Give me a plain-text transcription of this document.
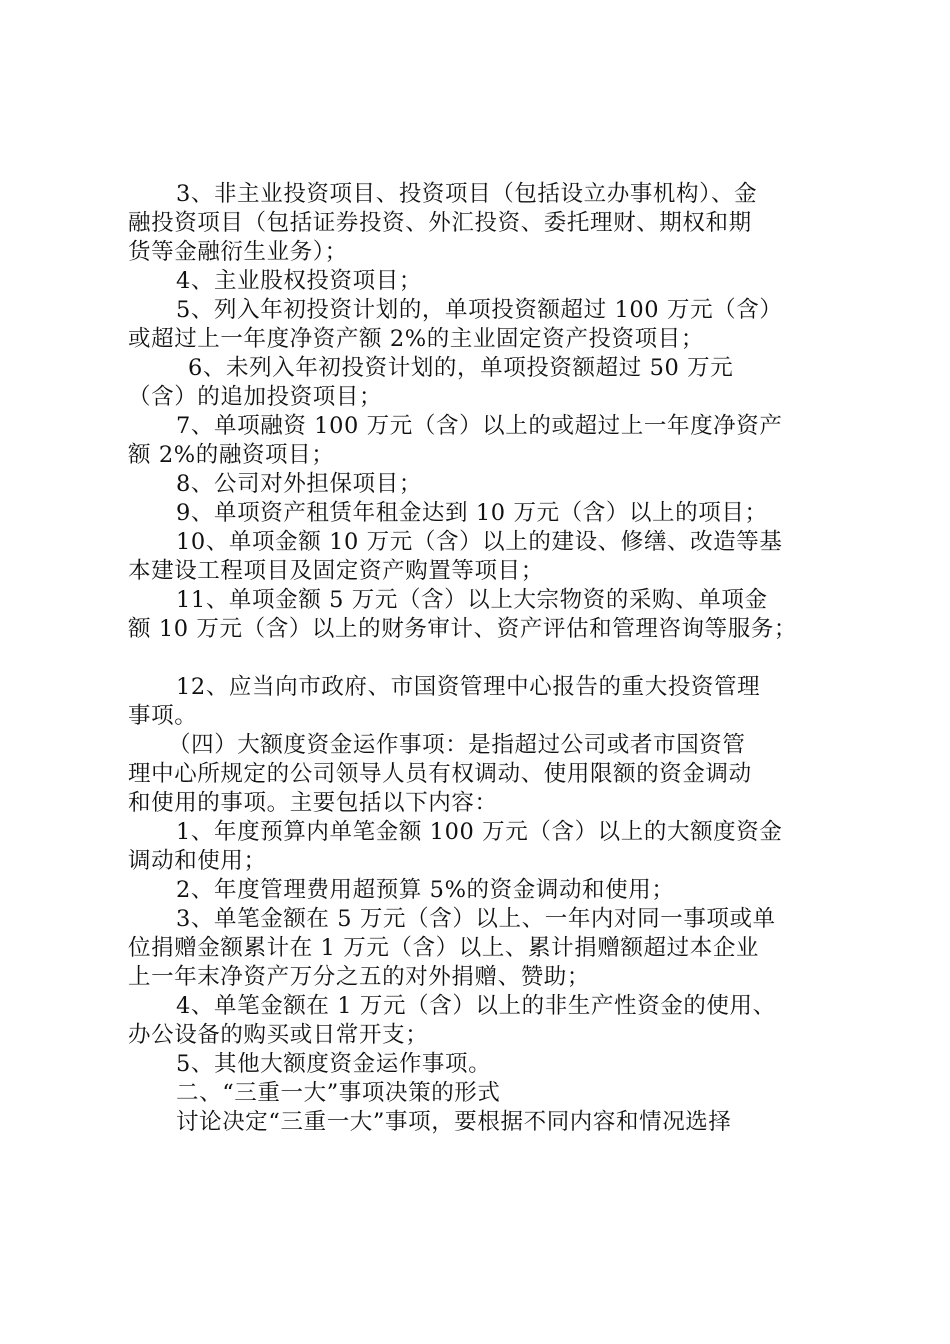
3、非主业投资项目、投资项目（包括设立办事机构）、金
融投资项目（包括证券投资、外汇投资、委托理财、期权和期
货等金融衍生业务）；
4、主业股权投资项目；
5、列入年初投资计划的，单项投资额超过 100 万元（含）
或超过上一年度净资产额 2%的主业固定资产投资项目；
6、未列入年初投资计划的，单项投资额超过 50 万元
（含）的追加投资项目；
7、单项融资 100 万元（含）以上的或超过上一年度净资产
额 2%的融资项目；
8、公司对外担保项目；
9、单项资产租赁年租金达到 10 万元（含）以上的项目；
10、单项金额 10 万元（含）以上的建设、修缮、改造等基
本建设工程项目及固定资产购置等项目；
11、单项金额 5 万元（含）以上大宗物资的采购、单项金
额 10 万元（含）以上的财务审计、资产评估和管理咨询等服务；
12、应当向市政府、市国资管理中心报告的重大投资管理
事项。
（四）大额度资金运作事项：是指超过公司或者市国资管
理中心所规定的公司领导人员有权调动、使用限额的资金调动
和使用的事项。主要包括以下内容：
1、年度预算内单笔金额 100 万元（含）以上的大额度资金
调动和使用；
2、年度管理费用超预算 5%的资金调动和使用；
3、单笔金额在 5 万元（含）以上、一年内对同一事项或单
位捐赠金额累计在 1 万元（含）以上、累计捐赠额超过本企业
上一年末净资产万分之五的对外捐赠、赞助；
4、单笔金额在 1 万元（含）以上的非生产性资金的使用、
办公设备的购买或日常开支；
5、其他大额度资金运作事项。
二、“三重一大”事项决策的形式
讨论决定“三重一大”事项，要根据不同内容和情况选择
